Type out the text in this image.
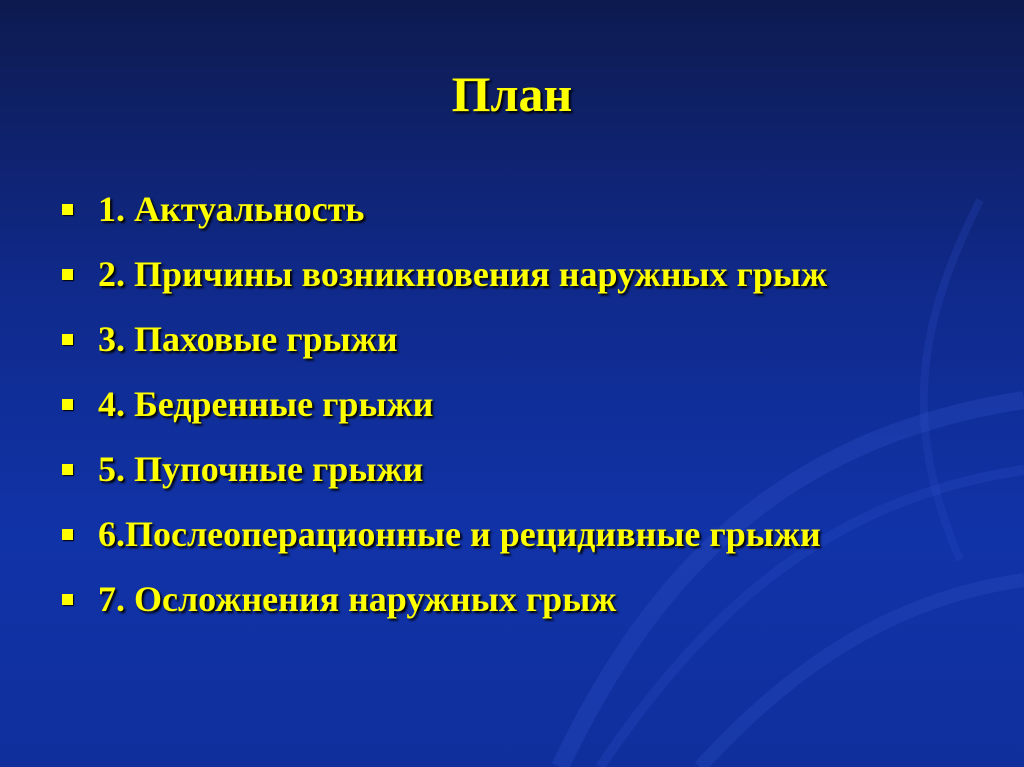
План
1. Актуальность
2. Причины возникновения наружных грыж
3. Паховые грыжи
4. Бедренные грыжи
5. Пупочные грыжи
6.Послеоперационные и рецидивные грыжи
7. Осложнения наружных грыж
